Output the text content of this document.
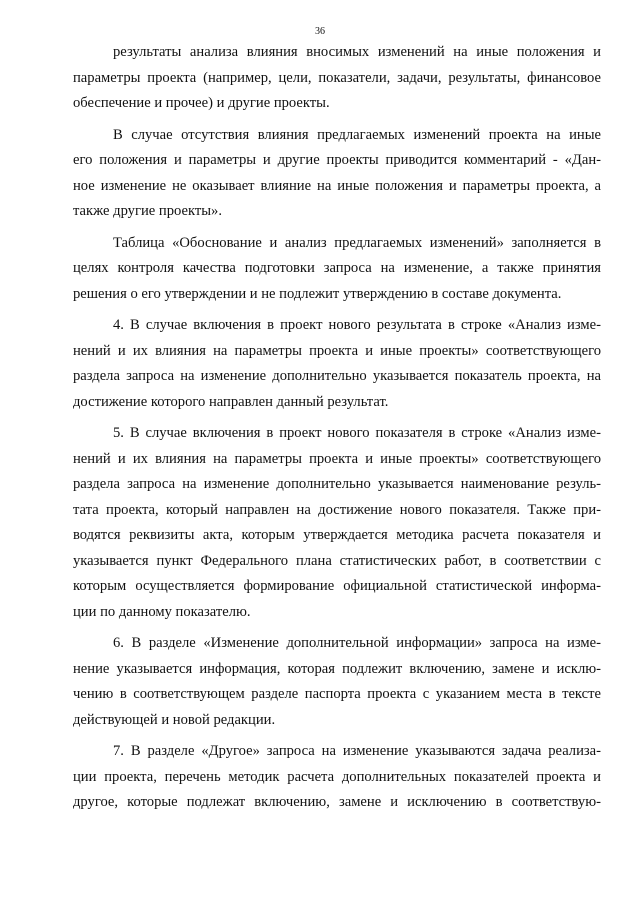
36
результаты анализа влияния вносимых изменений на иные положения и
параметры проекта (например, цели, показатели, задачи, результаты, финансовое
обеспечение и прочее) и другие проекты.
В случае отсутствия влияния предлагаемых изменений проекта на иные
его положения и параметры и другие проекты приводится комментарий - «Дан-
ное изменение не оказывает влияние на иные положения и параметры проекта, а
также другие проекты».
Таблица «Обоснование и анализ предлагаемых изменений» заполняется в
целях контроля качества подготовки запроса на изменение, а также принятия
решения о его утверждении и не подлежит утверждению в составе документа.
4. В случае включения в проект нового результата в строке «Анализ изме-
нений и их влияния на параметры проекта и иные проекты» соответствующего
раздела запроса на изменение дополнительно указывается показатель проекта, на
достижение которого направлен данный результат.
5. В случае включения в проект нового показателя в строке «Анализ изме-
нений и их влияния на параметры проекта и иные проекты» соответствующего
раздела запроса на изменение дополнительно указывается наименование резуль-
тата проекта, который направлен на достижение нового показателя. Также при-
водятся реквизиты акта, которым утверждается методика расчета показателя и
указывается пункт Федерального плана статистических работ, в соответствии с
которым осуществляется формирование официальной статистической информа-
ции по данному показателю.
6. В разделе «Изменение дополнительной информации» запроса на изме-
нение указывается информация, которая подлежит включению, замене и исклю-
чению в соответствующем разделе паспорта проекта с указанием места в тексте
действующей и новой редакции.
7. В разделе «Другое» запроса на изменение указываются задача реализа-
ции проекта, перечень методик расчета дополнительных показателей проекта и
другое, которые подлежат включению, замене и исключению в соответствую-
